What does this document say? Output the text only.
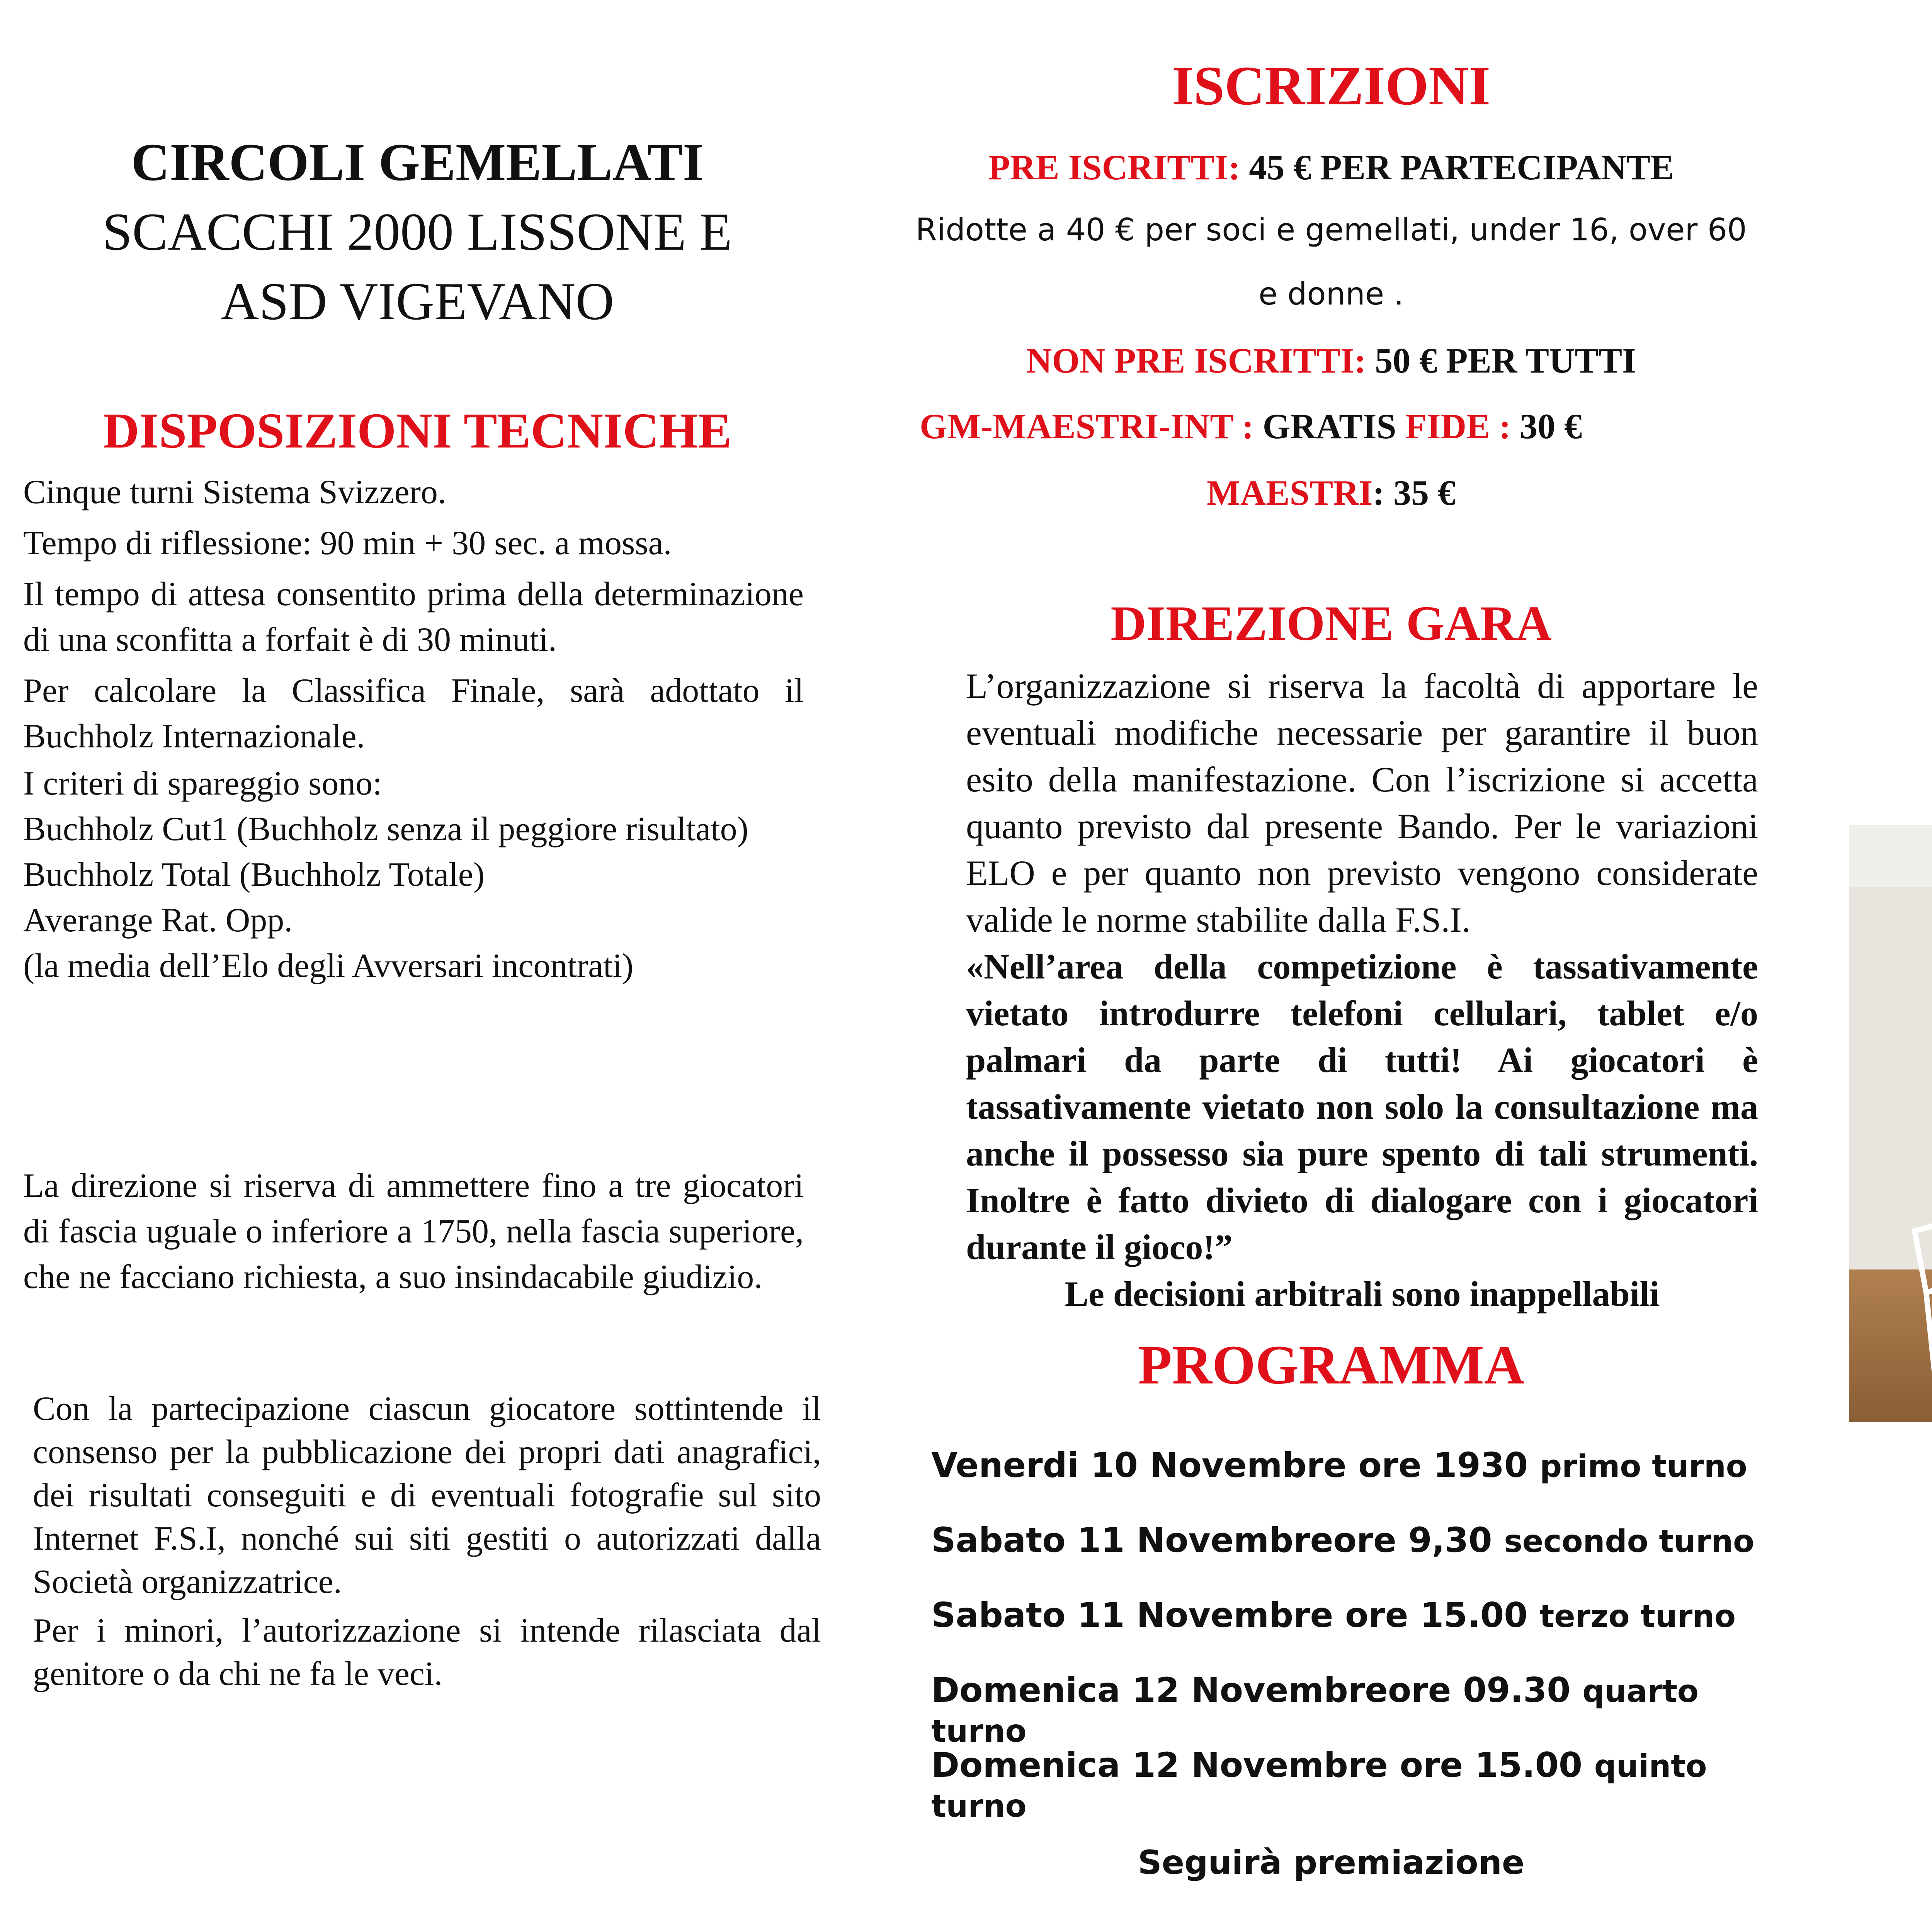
CIRCOLI GEMELLATI
SCACCHI 2000 LISSONE E
ASD VIGEVANO
DISPOSIZIONI TECNICHE

Cinque turni Sistema Svizzero.

Tempo di riflessione: 90 min + 30 sec. a mossa.

Il tempo di attesa consentito prima della determinazione di una sconfitta a forfait è di 30 minuti.

Per calcolare la Classifica Finale, sarà adottato il Buchholz Internazionale.

I criteri di spareggio sono:

Buchholz Cut1 (Buchholz senza il peggiore risultato)

Buchholz Total (Buchholz Totale)

Averange Rat. Opp.

(la media dell’Elo degli Avversari incontrati)

La direzione si riserva di ammettere fino a tre giocatori di fascia uguale o inferiore a 1750, nella fascia superiore, che ne facciano richiesta, a suo insindacabile giudizio.

Con la partecipazione ciascun giocatore sottintende il consenso per la pubblicazione dei propri dati anagrafici, dei risultati conseguiti e di eventuali fotografie sul sito Internet F.S.I, nonché sui siti gestiti o autorizzati dalla Società organizzatrice.

Per i minori, l’autorizzazione si intende rilasciata dal genitore o da chi ne fa le veci.

ISCRIZIONI
PRE ISCRITTI: 45 € PER PARTECIPANTE
Ridotte a 40 € per soci e gemellati, under 16, over 60
e donne .
NON PRE ISCRITTI: 50 € PER TUTTI
GM-MAESTRI-INT : GRATIS FIDE : 30 €
MAESTRI: 35 €
DIREZIONE GARA

L’organizzazione si riserva la facoltà di apportare le eventuali modifiche necessarie per garantire il buon esito della manifestazione. Con l’iscrizione si accetta quanto previsto dal presente Bando. Per le variazioni ELO e per quanto non previsto vengono considerate valide le norme stabilite dalla F.S.I.

«Nell’area della competizione è tassativamente vietato introdurre telefoni cellulari, tablet e/o palmari da parte di tutti! Ai giocatori è tassativamente vietato non solo la consultazione ma anche il possesso sia pure spento di tali strumenti. Inoltre è fatto divieto di dialogare con i giocatori durante il gioco!”

Le decisioni arbitrali sono inappellabili

PROGRAMMA
Venerdi 10 Novembre ore 1930 primo turno
Sabato 11 Novembreore 9,30 secondo turno
Sabato 11 Novembre ore 15.00 terzo turno
Domenica 12 Novembreore 09.30 quarto turno
Domenica 12 Novembre ore 15.00 quinto turno
Seguirà premiazione
